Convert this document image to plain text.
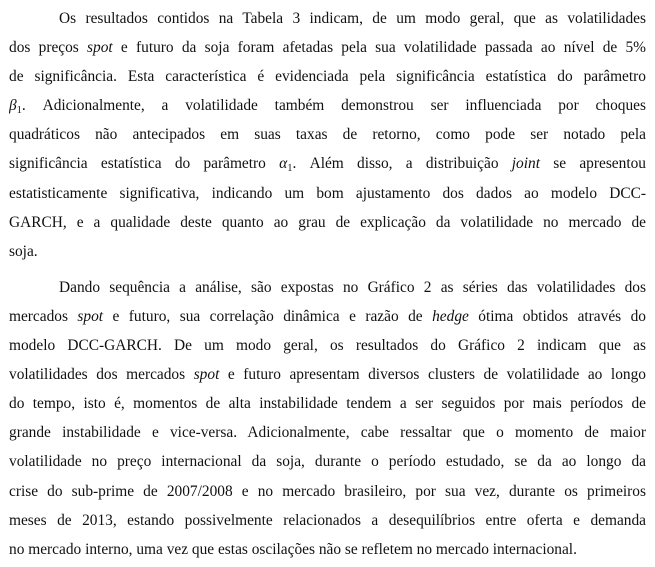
Os resultados contidos na Tabela 3 indicam, de um modo geral, que as volatilidades
dos preços spot e futuro da soja foram afetadas pela sua volatilidade passada ao nível de 5%
de significância. Esta característica é evidenciada pela significância estatística do parâmetro
$\beta_1$. Adicionalmente, a volatilidade também demonstrou ser influenciada por choques
quadráticos não antecipados em suas taxas de retorno, como pode ser notado pela
significância estatística do parâmetro $\alpha_1$. Além disso, a distribuição joint se apresentou
estatisticamente significativa, indicando um bom ajustamento dos dados ao modelo DCC-
GARCH, e a qualidade deste quanto ao grau de explicação da volatilidade no mercado de
soja.
Dando sequência a análise, são expostas no Gráfico 2 as séries das volatilidades dos
mercados spot e futuro, sua correlação dinâmica e razão de hedge ótima obtidos através do
modelo DCC-GARCH. De um modo geral, os resultados do Gráfico 2 indicam que as
volatilidades dos mercados spot e futuro apresentam diversos clusters de volatilidade ao longo
do tempo, isto é, momentos de alta instabilidade tendem a ser seguidos por mais períodos de
grande instabilidade e vice-versa. Adicionalmente, cabe ressaltar que o momento de maior
volatilidade no preço internacional da soja, durante o período estudado, se da ao longo da
crise do sub-prime de 2007/2008 e no mercado brasileiro, por sua vez, durante os primeiros
meses de 2013, estando possivelmente relacionados a desequilíbrios entre oferta e demanda
no mercado interno, uma vez que estas oscilações não se refletem no mercado internacional.
